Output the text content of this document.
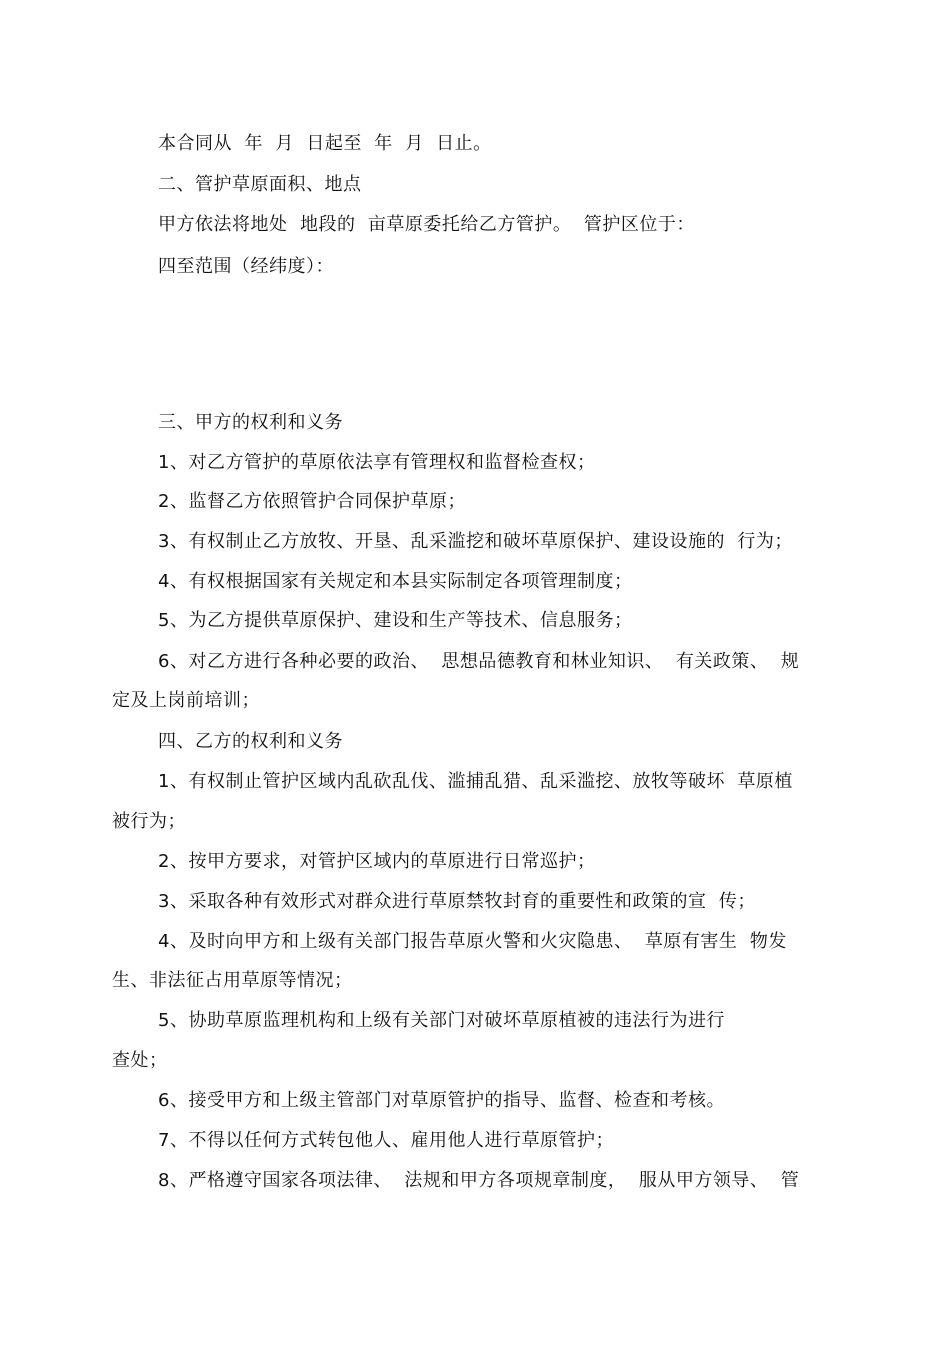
本合同从  年  月  日起至  年  月  日止。
二、管护草原面积、地点
甲方依法将地处  地段的  亩草原委托给乙方管护。  管护区位于：
四至范围（经纬度）：
三、甲方的权利和义务
1、对乙方管护的草原依法享有管理权和监督检查权；
2、监督乙方依照管护合同保护草原；
3、有权制止乙方放牧、开垦、乱采滥挖和破坏草原保护、建设设施的  行为；
4、有权根据国家有关规定和本县实际制定各项管理制度；
5、为乙方提供草原保护、建设和生产等技术、信息服务；
6、对乙方进行各种必要的政治、  思想品德教育和林业知识、  有关政策、  规
定及上岗前培训；
四、乙方的权利和义务
1、有权制止管护区域内乱砍乱伐、滥捕乱猎、乱采滥挖、放牧等破坏  草原植
被行为；
2、按甲方要求，对管护区域内的草原进行日常巡护；
3、采取各种有效形式对群众进行草原禁牧封育的重要性和政策的宣  传；
4、及时向甲方和上级有关部门报告草原火警和火灾隐患、  草原有害生  物发
生、非法征占用草原等情况；
5、协助草原监理机构和上级有关部门对破坏草原植被的违法行为进行
查处；
6、接受甲方和上级主管部门对草原管护的指导、监督、检查和考核。
7、不得以任何方式转包他人、雇用他人进行草原管护；
8、严格遵守国家各项法律、  法规和甲方各项规章制度，  服从甲方领导、  管
